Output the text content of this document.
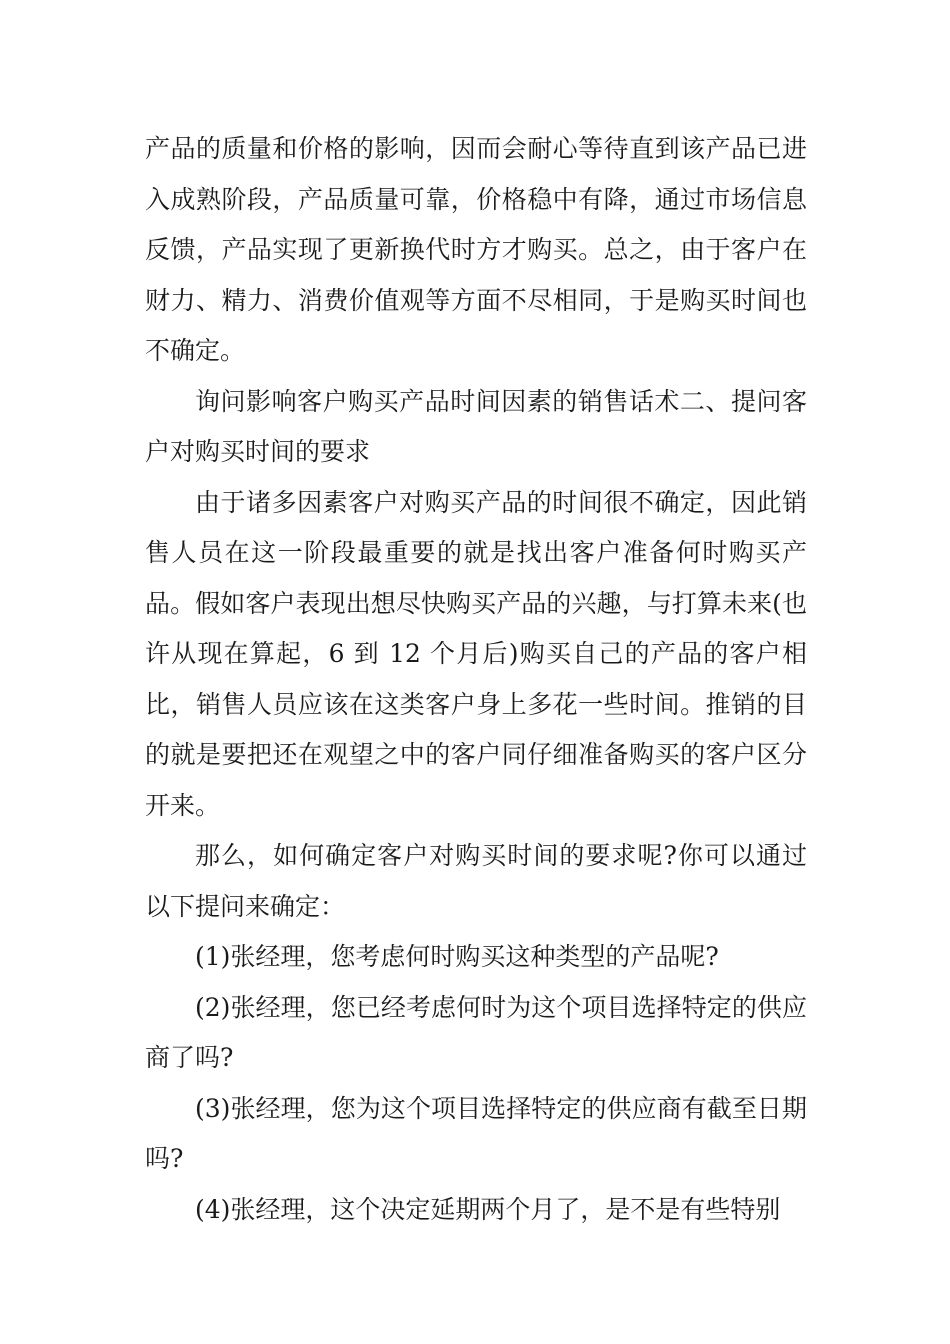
产品的质量和价格的影响，因而会耐心等待直到该产品已进入成熟阶段，产品质量可靠，价格稳中有降，通过市场信息反馈，产品实现了更新换代时方才购买。总之，由于客户在财力、精力、消费价值观等方面不尽相同，于是购买时间也不确定。

询问影响客户购买产品时间因素的销售话术二、提问客户对购买时间的要求

由于诸多因素客户对购买产品的时间很不确定，因此销售人员在这一阶段最重要的就是找出客户准备何时购买产品。假如客户表现出想尽快购买产品的兴趣，与打算未来(也许从现在算起，6 到 12 个月后)购买自己的产品的客户相比，销售人员应该在这类客户身上多花一些时间。推销的目的就是要把还在观望之中的客户同仔细准备购买的客户区分开来。

那么，如何确定客户对购买时间的要求呢?你可以通过以下提问来确定：

(1)张经理，您考虑何时购买这种类型的产品呢?

(2)张经理，您已经考虑何时为这个项目选择特定的供应商了吗?

(3)张经理，您为这个项目选择特定的供应商有截至日期吗?

(4)张经理，这个决定延期两个月了，是不是有些特别
